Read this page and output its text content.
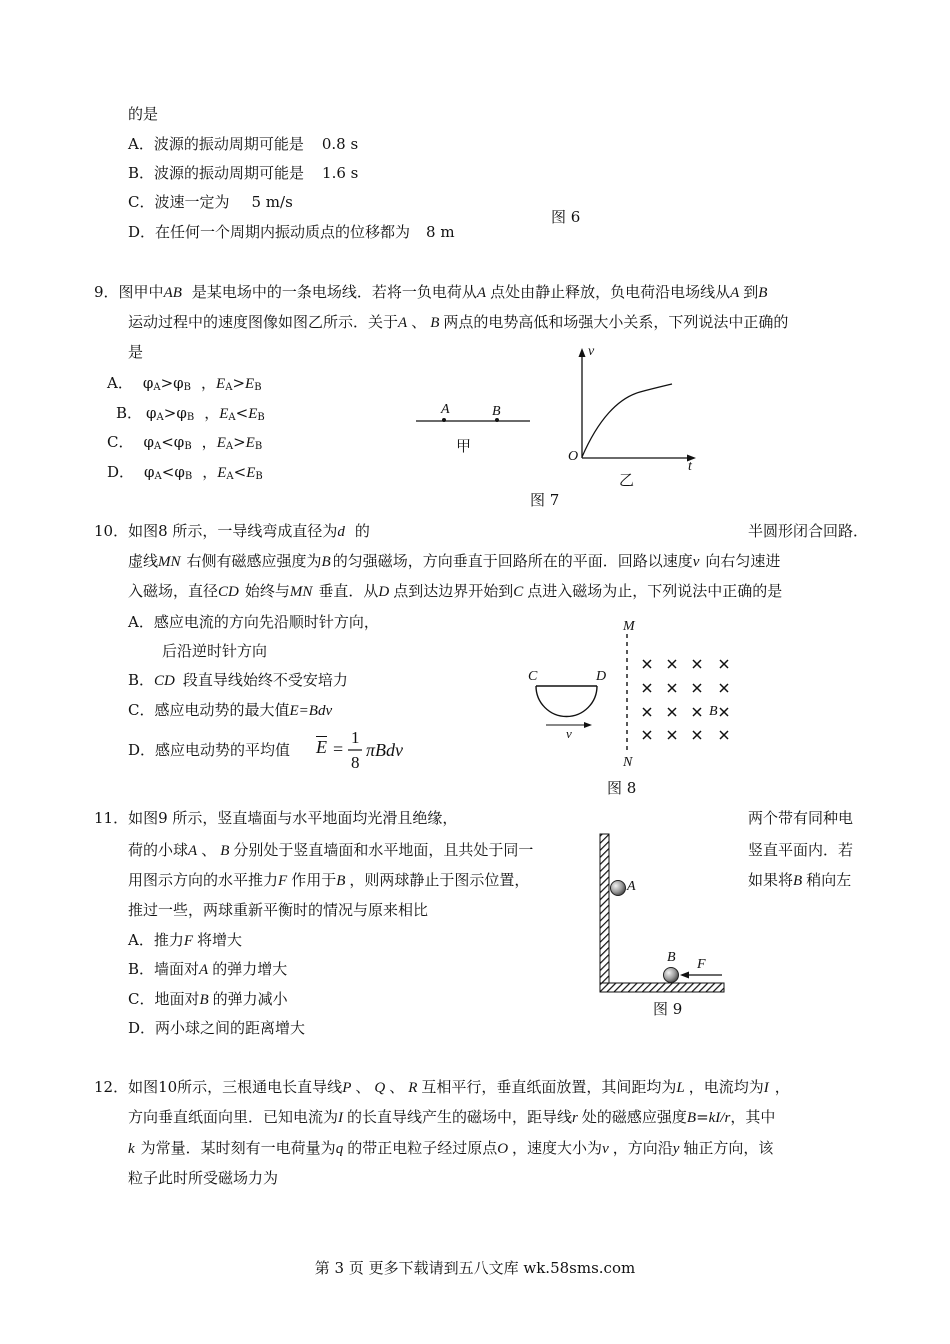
的是
A．波源的振动周期可能是 0.8 s
B．波源的振动周期可能是 1.6 s
C．波速一定为 5 m/s
D．在任何一个周期内振动质点的位移都为 8 m
图 6
9．图甲中AB 是某电场中的一条电场线．若将一负电荷从A 点处由静止释放，负电荷沿电场线从A 到B
运动过程中的速度图像如图乙所示．关于A 、 B 两点的电势高低和场强大小关系，下列说法中正确的
是
A． $\varphi_A>\varphi_B$ ，$E_A>E_B$
B． $\varphi_A>\varphi_B$ ，$E_A<E_B$
C． $\varphi_A<\varphi_B$ ，$E_A>E_B$
D． $\varphi_A<\varphi_B$ ，$E_A<E_B$
A	B
甲
v
O
t
乙
图 7
10．如图8 所示，一导线弯成直径为d 的	半圆形闭合回路．
虚线MN 右侧有磁感应强度为B 的匀强磁场，方向垂直于回路所在的平面．回路以速度v 向右匀速进
入磁场，直径CD 始终与MN 垂直．从D 点到达边界开始到C 点进入磁场为止，下列说法中正确的是
A．感应电流的方向先沿顺时针方向，
后沿逆时针方向
B．CD 段直导线始终不受安培力
C．感应电动势的最大值E=Bdv
D．感应电动势的平均值 $\overline{E}$ =
1
8
πBdv
M
N
C	D
v
B
图 8
11．如图9 所示，竖直墙面与水平地面均光滑且绝缘，	两个带有同种电
荷的小球A 、 B 分别处于竖直墙面和水平地面，且共处于同一	竖直平面内．若
用图示方向的水平推力F 作用于B ，则两球静止于图示位置，	如果将B 稍向左
推过一些，两球重新平衡时的情况与原来相比
A．推力F 将增大
B．墙面对A 的弹力增大
C．地面对B 的弹力减小
D．两小球之间的距离增大
A
B F
图 9
12．如图10所示，三根通电长直导线P 、 Q 、 R 互相平行，垂直纸面放置，其间距均为L ，电流均为I ，
方向垂直纸面向里．已知电流为I 的长直导线产生的磁场中，距导线r 处的磁感应强度B=kI/r，其中
k 为常量．某时刻有一电荷量为q 的带正电粒子经过原点O ，速度大小为v ，方向沿y 轴正方向，该
粒子此时所受磁场力为
第 3 页 更多下载请到五八文库 wk.58sms.com
